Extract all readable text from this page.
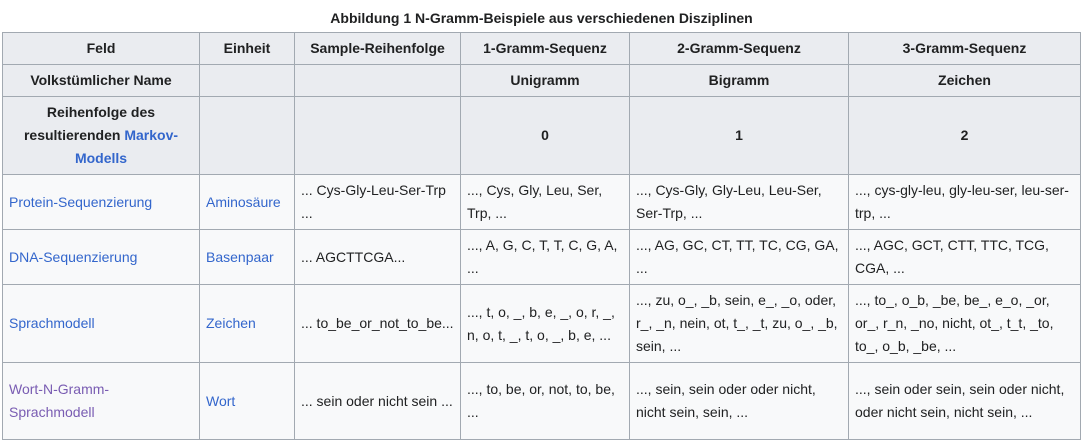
Abbildung 1 N-Gramm-Beispiele aus verschiedenen Disziplinen
Feld	Einheit	Sample-Reihenfolge	1-Gramm-Sequenz	2-Gramm-Sequenz	3-Gramm-Sequenz
Volkstümlicher Name			Unigramm	Bigramm	Zeichen
Reihenfolge des resultierenden Markov-Modells			0	1	2
Protein-Sequenzierung	Aminosäure	... Cys-Gly-Leu-Ser-Trp ...	..., Cys, Gly, Leu, Ser, Trp, ...	..., Cys-Gly, Gly-Leu, Leu-Ser, Ser-Trp, ...	..., cys-gly-leu, gly-leu-ser, leu-ser-trp, ...
DNA-Sequenzierung	Basenpaar	... AGCTTCGA...	..., A, G, C, T, T, C, G, A, ...	..., AG, GC, CT, TT, TC, CG, GA, ...	..., AGC, GCT, CTT, TTC, TCG, CGA, ...
Sprachmodell	Zeichen	... to_be_or_not_to_be...	..., t, o, _, b, e, _, o, r, _, n, o, t, _, t, o, _, b, e, ...	..., zu, o_, _b, sein, e_, _o, oder, r_, _n, nein, ot, t_, _t, zu, o_, _b, sein, ...	..., to_, o_b, _be, be_, e_o, _or, or_, r_n, _no, nicht, ot_, t_t, _to, to_, o_b, _be, ...
Wort-N-Gramm-Sprachmodell	Wort	... sein oder nicht sein ...	..., to, be, or, not, to, be, ...	..., sein, sein oder oder nicht, nicht sein, sein, ...	..., sein oder sein, sein oder nicht, oder nicht sein, nicht sein, ...
